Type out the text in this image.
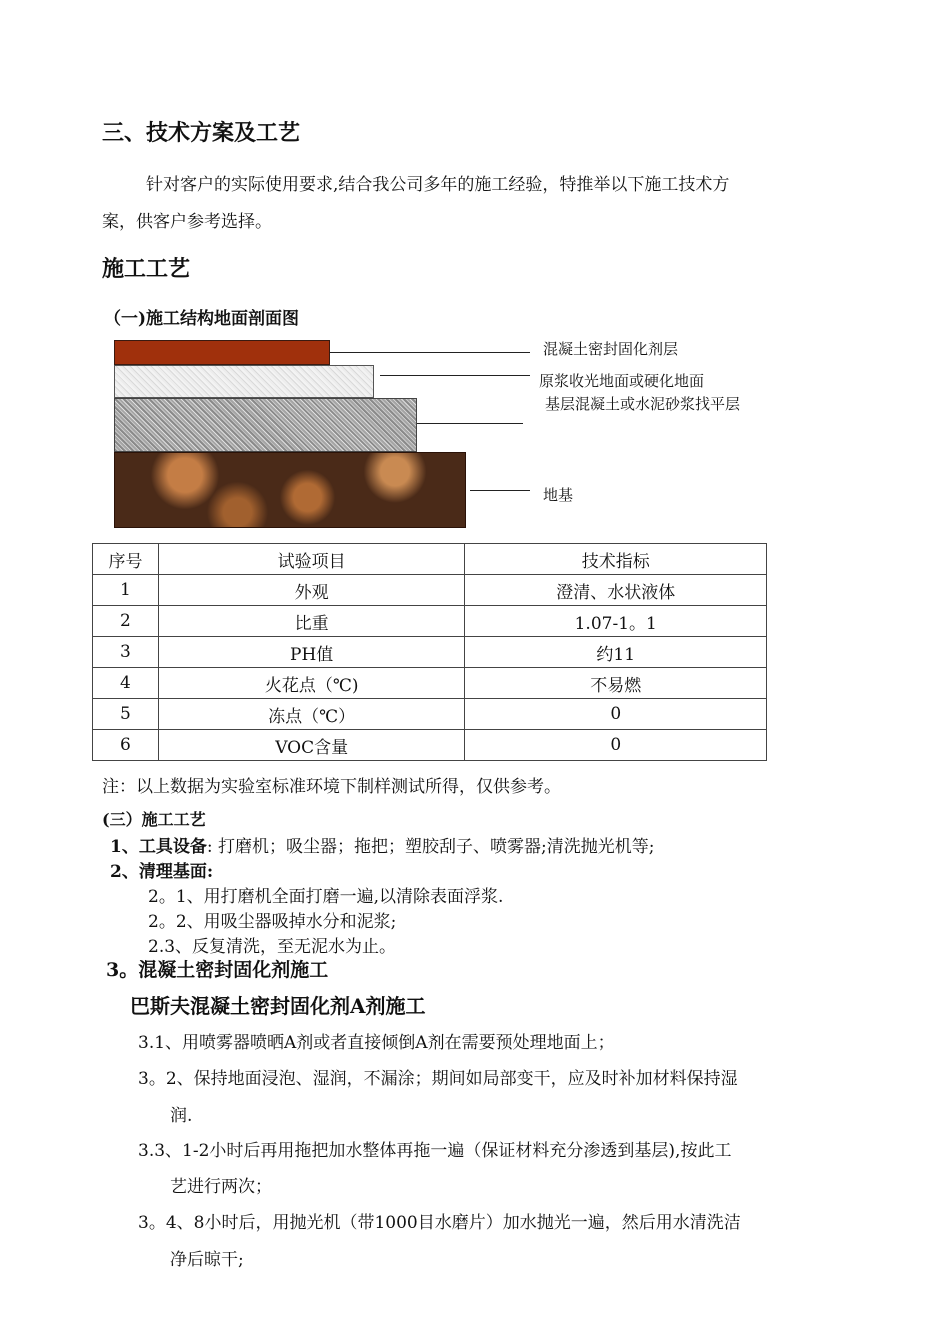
三、技术方案及工艺
针对客户的实际使用要求,结合我公司多年的施工经验，特推举以下施工技术方
案，供客户参考选择。
施工工艺
（一)施工结构地面剖面图
混凝土密封固化剂层
原浆收光地面或硬化地面
基层混凝土或水泥砂浆找平层
地基
序号	试验项目	技术指标
1	外观	澄清、水状液体
2	比重	1.07-1。1
3	PH值	约11
4	火花点（℃)	不易燃
5	冻点（℃）	0
6	VOC含量	0
注：以上数据为实验室标准环境下制样测试所得，仅供参考。
(三）施工工艺
1、工具设备: 打磨机；吸尘器；拖把；塑胶刮子、喷雾器;清洗抛光机等;
2、清理基面:
2。1、用打磨机全面打磨一遍,以清除表面浮浆.
2。2、用吸尘器吸掉水分和泥浆;
2.3、反复清洗，至无泥水为止。
3。混凝土密封固化剂施工
巴斯夫混凝土密封固化剂A剂施工
3.1、用喷雾器喷晒A剂或者直接倾倒A剂在需要预处理地面上；
3。2、保持地面浸泡、湿润，不漏涂；期间如局部变干，应及时补加材料保持湿
润.
3.3、1-2小时后再用拖把加水整体再拖一遍（保证材料充分渗透到基层),按此工
艺进行两次；
3。4、8小时后，用抛光机（带1000目水磨片）加水抛光一遍，然后用水清洗洁
净后晾干;
